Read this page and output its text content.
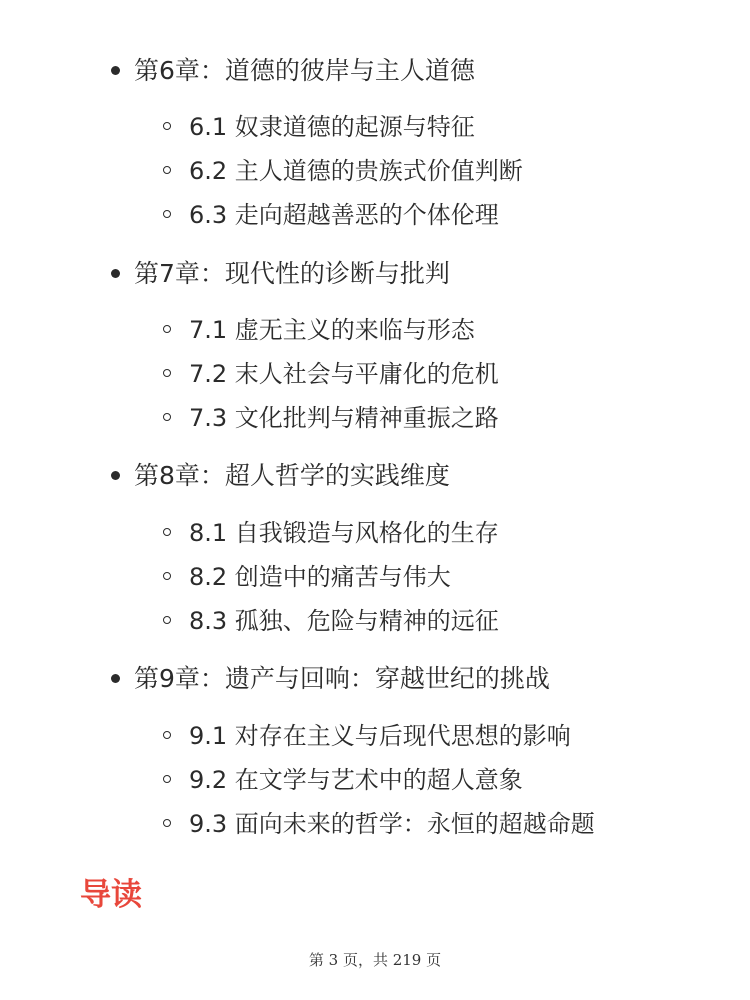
第6章：道德的彼岸与主人道德
6.1 奴隶道德的起源与特征
6.2 主人道德的贵族式价值判断
6.3 走向超越善恶的个体伦理
第7章：现代性的诊断与批判
7.1 虚无主义的来临与形态
7.2 末人社会与平庸化的危机
7.3 文化批判与精神重振之路
第8章：超人哲学的实践维度
8.1 自我锻造与风格化的生存
8.2 创造中的痛苦与伟大
8.3 孤独、危险与精神的远征
第9章：遗产与回响：穿越世纪的挑战
9.1 对存在主义与后现代思想的影响
9.2 在文学与艺术中的超人意象
9.3 面向未来的哲学：永恒的超越命题
导读
第 3 页，共 219 页
